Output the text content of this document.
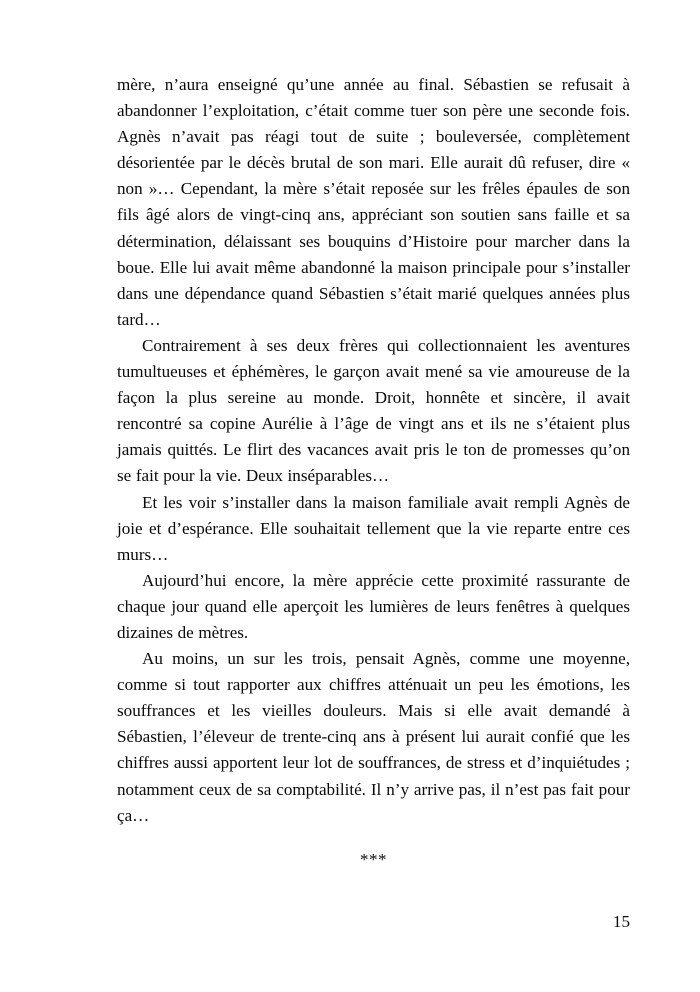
mère, n’aura enseigné qu’une année au final. Sébastien se refusait à abandonner l’exploitation, c’était comme tuer son père une seconde fois. Agnès n’avait pas réagi tout de suite ; bouleversée, complètement désorientée par le décès brutal de son mari. Elle aurait dû refuser, dire « non »… Cependant, la mère s’était reposée sur les frêles épaules de son fils âgé alors de vingt-cinq ans, appréciant son soutien sans faille et sa détermination, délaissant ses bouquins d’Histoire pour marcher dans la boue. Elle lui avait même abandonné la maison principale pour s’installer dans une dépendance quand Sébastien s’était marié quelques années plus tard…

Contrairement à ses deux frères qui collectionnaient les aventures tumultueuses et éphémères, le garçon avait mené sa vie amoureuse de la façon la plus sereine au monde. Droit, honnête et sincère, il avait rencontré sa copine Aurélie à l’âge de vingt ans et ils ne s’étaient plus jamais quittés. Le flirt des vacances avait pris le ton de promesses qu’on se fait pour la vie. Deux inséparables…

Et les voir s’installer dans la maison familiale avait rempli Agnès de joie et d’espérance. Elle souhaitait tellement que la vie reparte entre ces murs…

Aujourd’hui encore, la mère apprécie cette proximité rassurante de chaque jour quand elle aperçoit les lumières de leurs fenêtres à quelques dizaines de mètres.

Au moins, un sur les trois, pensait Agnès, comme une moyenne, comme si tout rapporter aux chiffres atténuait un peu les émotions, les souffrances et les vieilles douleurs. Mais si elle avait demandé à Sébastien, l’éleveur de trente-cinq ans à présent lui aurait confié que les chiffres aussi apportent leur lot de souffrances, de stress et d’inquiétudes ; notamment ceux de sa comptabilité. Il n’y arrive pas, il n’est pas fait pour ça…

***

15
